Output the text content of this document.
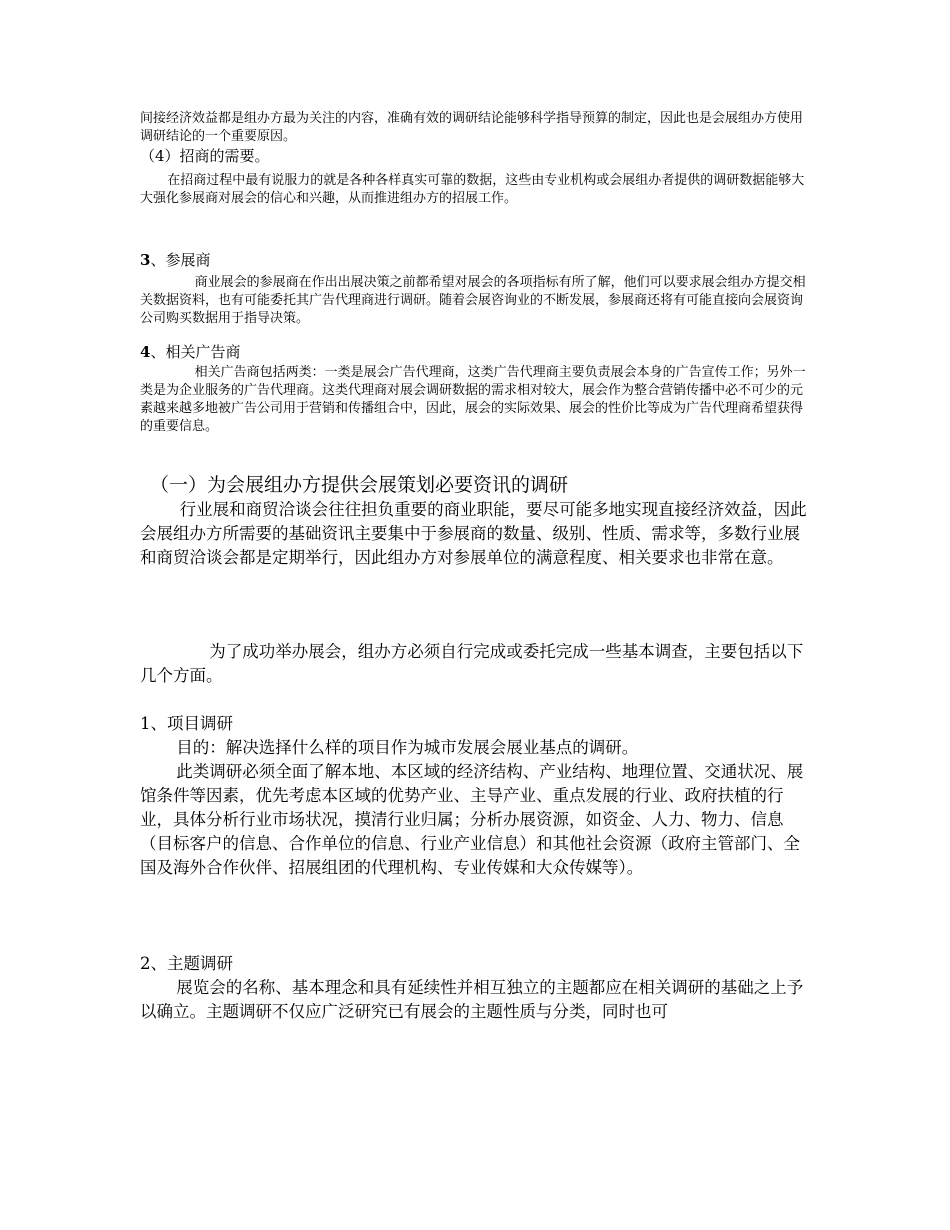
间接经济效益都是组办方最为关注的内容，准确有效的调研结论能够科学指导预算的制定，因此也是会展组办方使用调研结论的一个重要原因。

（4）招商的需要。

在招商过程中最有说服力的就是各种各样真实可靠的数据，这些由专业机构或会展组办者提供的调研数据能够大大强化参展商对展会的信心和兴趣，从而推进组办方的招展工作。

3、参展商

商业展会的参展商在作出出展决策之前都希望对展会的各项指标有所了解，他们可以要求展会组办方提交相关数据资料，也有可能委托其广告代理商进行调研。随着会展咨询业的不断发展，参展商还将有可能直接向会展资询公司购买数据用于指导决策。

4、相关广告商

相关广告商包括两类：一类是展会广告代理商，这类广告代理商主要负责展会本身的广告宣传工作；另外一类是为企业服务的广告代理商。这类代理商对展会调研数据的需求相对较大，展会作为整合营销传播中必不可少的元素越来越多地被广告公司用于营销和传播组合中，因此，展会的实际效果、展会的性价比等成为广告代理商希望获得的重要信息。

（一）为会展组办方提供会展策划必要资讯的调研

行业展和商贸洽谈会往往担负重要的商业职能，要尽可能多地实现直接经济效益，因此会展组办方所需要的基础资讯主要集中于参展商的数量、级别、性质、需求等，多数行业展和商贸洽谈会都是定期举行，因此组办方对参展单位的满意程度、相关要求也非常在意。

为了成功举办展会，组办方必须自行完成或委托完成一些基本调查，主要包括以下几个方面。

1、项目调研

目的：解决选择什么样的项目作为城市发展会展业基点的调研。

此类调研必须全面了解本地、本区域的经济结构、产业结构、地理位置、交通状况、展馆条件等因素，优先考虑本区域的优势产业、主导产业、重点发展的行业、政府扶植的行业，具体分析行业市场状况，摸清行业归属；分析办展资源，如资金、人力、物力、信息（目标客户的信息、合作单位的信息、行业产业信息）和其他社会资源（政府主管部门、全国及海外合作伙伴、招展组团的代理机构、专业传媒和大众传媒等）。

2、主题调研

展览会的名称、基本理念和具有延续性并相互独立的主题都应在相关调研的基础之上予以确立。主题调研不仅应广泛研究已有展会的主题性质与分类，同时也可
